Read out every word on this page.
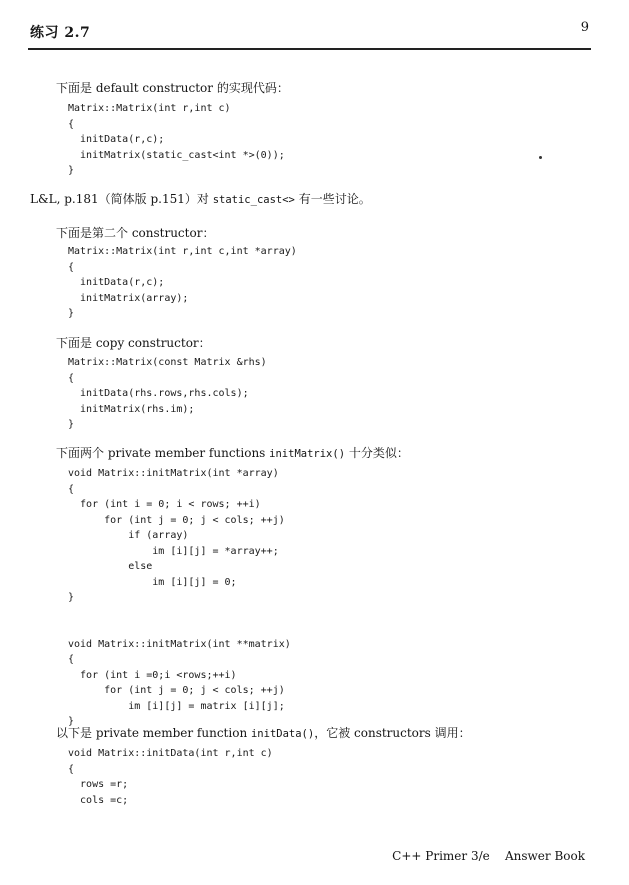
练习 2.7	9
下面是 default constructor 的实现代码：
Matrix::Matrix(int r,int c)
{
initData(r,c);
initMatrix(static_cast<int *>(0));
}
L&L, p.181（简体版 p.151）对 static_cast<> 有一些讨论。
下面是第二个 constructor：
Matrix::Matrix(int r,int c,int *array)
{
initData(r,c);
initMatrix(array);
}
下面是 copy constructor：
Matrix::Matrix(const Matrix &rhs)
{
initData(rhs.rows,rhs.cols);
initMatrix(rhs.im);
}
下面两个 private member functions initMatrix() 十分类似：
void Matrix::initMatrix(int *array)
{
for (int i = 0; i < rows; ++i)
for (int j = 0; j < cols; ++j)
if (array)
im [i][j] = *array++;
else
im [i][j] = 0;
}

void Matrix::initMatrix(int **matrix)
{
for (int i =0;i <rows;++i)
for (int j = 0; j < cols; ++j)
im [i][j] = matrix [i][j];
}
以下是 private member function initData()，它被 constructors 调用：
void Matrix::initData(int r,int c)
{
rows =r;
cols =c;
C++ Primer 3/e    Answer Book
